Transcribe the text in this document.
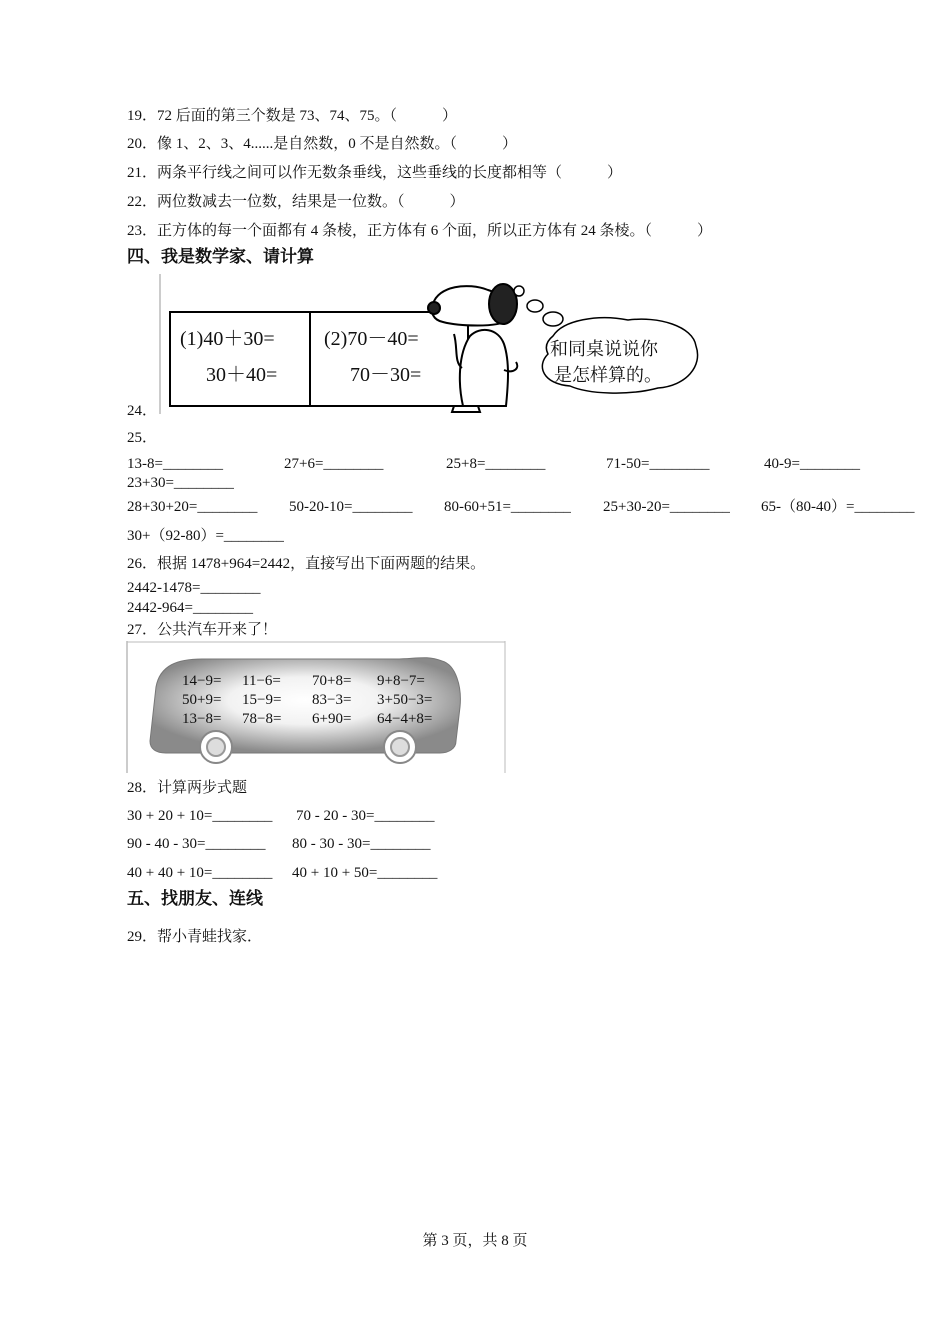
19．72 后面的第三个数是 73、74、75。（　　　）
20．像 1、2、3、4......是自然数，0 不是自然数。（　　　）
21．两条平行线之间可以作无数条垂线，这些垂线的长度都相等（　　　）
22．两位数减去一位数，结果是一位数。（　　　）
23．正方体的每一个面都有 4 条棱，正方体有 6 个面，所以正方体有 24 条棱。（　　　）
四、我是数学家、请计算
24．
(1)40＋30=
30＋40=
(2)70－40=
70－30=
和同桌说说你
是怎样算的。
25．
13-8=________	27+6=________	25+8=________	71-50=________	40-9=________
23+30=________
28+30+20=________ 50-20-10=________ 80-60+51=________ 25+30-20=________ 65-（80-40）=________
30+（92-80）=________
26．根据 1478+964=2442，直接写出下面两题的结果。
2442-1478=________
2442-964=________
27．公共汽车开来了！
14−9= 11−6= 70+8= 9+8−7=
50+9= 15−9= 83−3= 3+50−3=
13−8= 78−8= 6+90= 64−4+8=
28．计算两步式题
30 + 20 + 10=________ 70 - 20 - 30=________
90 - 40 - 30=________ 80 - 30 - 30=________
40 + 40 + 10=________ 40 + 10 + 50=________
五、找朋友、连线
29．帮小青蛙找家．
第 3 页，共 8 页
